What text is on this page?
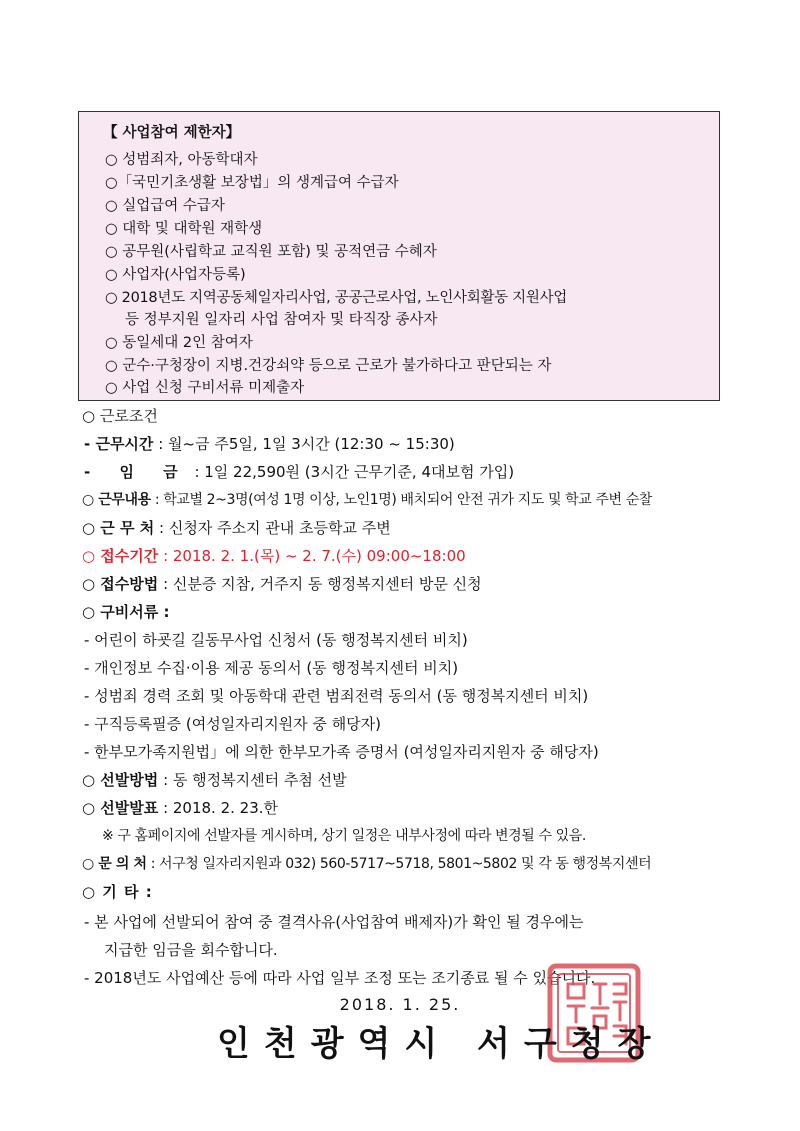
【 사업참여 제한자】
○ 성범죄자, 아동학대자
○「국민기초생활 보장법」의 생계급여 수급자
○ 실업급여 수급자
○ 대학 및 대학원 재학생
○ 공무원(사립학교 교직원 포함) 및 공적연금 수혜자
○ 사업자(사업자등록)
○ 2018년도 지역공동체일자리사업, 공공근로사업, 노인사회활동 지원사업
등 정부지원 일자리 사업 참여자 및 타직장 종사자
○ 동일세대 2인 참여자
○ 군수·구청장이 지병.건강쇠약 등으로 근로가 불가하다고 판단되는 자
○ 사업 신청 구비서류 미제출자
○ 근로조건
- 근무시간 : 월~금 주5일, 1일 3시간 (12:30 ~ 15:30)
- 임 금 : 1일 22,590원 (3시간 근무기준, 4대보험 가입)
○ 근무내용 : 학교별 2~3명(여성 1명 이상, 노인1명) 배치되어 안전 귀가 지도 및 학교 주변 순찰
○ 근 무 처 : 신청자 주소지 관내 초등학교 주변
○ 접수기간 : 2018. 2. 1.(목) ~ 2. 7.(수) 09:00~18:00
○ 접수방법 : 신분증 지참, 거주지 동 행정복지센터 방문 신청
○ 구비서류 :
- 어린이 하굣길 길동무사업 신청서 (동 행정복지센터 비치)
- 개인정보 수집·이용 제공 동의서 (동 행정복지센터 비치)
- 성범죄 경력 조회 및 아동학대 관련 범죄전력 동의서 (동 행정복지센터 비치)
- 구직등록필증 (여성일자리지원자 중 해당자)
- 한부모가족지원법」에 의한 한부모가족 증명서 (여성일자리지원자 중 해당자)
○ 선발방법 : 동 행정복지센터 추첨 선발
○ 선발발표 : 2018. 2. 23.한
※ 구 홈페이지에 선발자를 게시하며, 상기 일정은 내부사정에 따라 변경될 수 있음.
○ 문 의 처 : 서구청 일자리지원과 032) 560-5717~5718, 5801~5802 및 각 동 행정복지센터
○ 기 타 :
- 본 사업에 선발되어 참여 중 결격사유(사업참여 배제자)가 확인 될 경우에는
지급한 임금을 회수합니다.
- 2018년도 사업예산 등에 따라 사업 일부 조정 또는 조기종료 될 수 있습니다.
2018. 1. 25.
인천광역시 서구청장
